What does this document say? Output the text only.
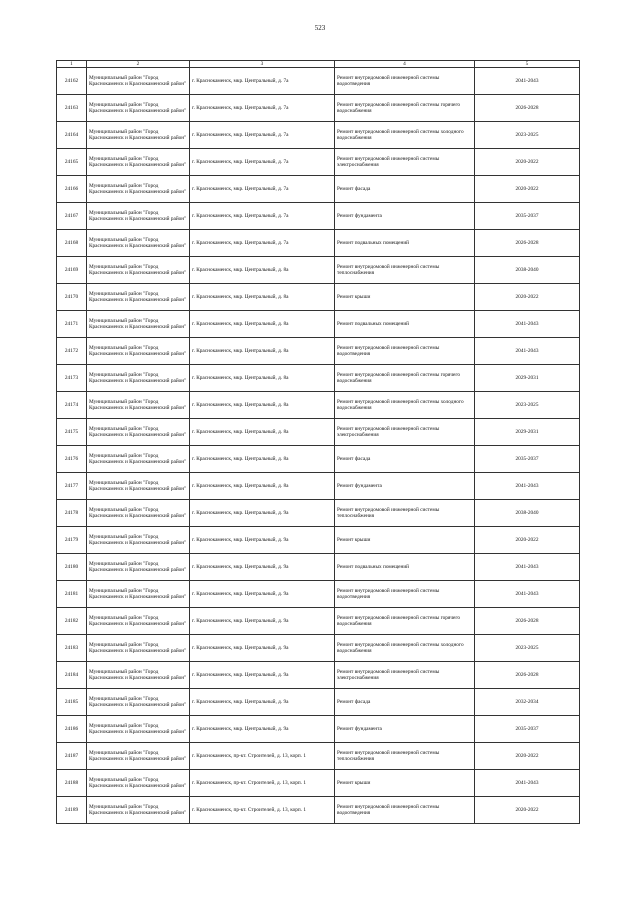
523
1	2	3	4	5
24162	Муниципальный район "Город Краснокаменск и Краснокаменский район"	г. Краснокаменск, мкр. Центральный, д. 7а	Ремонт внутридомовой инженерной системы водоотведения	2041-2043
24163	Муниципальный район "Город Краснокаменск и Краснокаменский район"	г. Краснокаменск, мкр. Центральный, д. 7а	Ремонт внутридомовой инженерной системы горячего водоснабжения	2026-2028
24164	Муниципальный район "Город Краснокаменск и Краснокаменский район"	г. Краснокаменск, мкр. Центральный, д. 7а	Ремонт внутридомовой инженерной системы холодного водоснабжения	2023-2025
24165	Муниципальный район "Город Краснокаменск и Краснокаменский район"	г. Краснокаменск, мкр. Центральный, д. 7а	Ремонт внутридомовой инженерной системы электроснабжения	2020-2022
24166	Муниципальный район "Город Краснокаменск и Краснокаменский район"	г. Краснокаменск, мкр. Центральный, д. 7а	Ремонт фасада	2020-2022
24167	Муниципальный район "Город Краснокаменск и Краснокаменский район"	г. Краснокаменск, мкр. Центральный, д. 7а	Ремонт фундамента	2035-2037
24168	Муниципальный район "Город Краснокаменск и Краснокаменский район"	г. Краснокаменск, мкр. Центральный, д. 7а	Ремонт подвальных помещений	2026-2028
24169	Муниципальный район "Город Краснокаменск и Краснокаменский район"	г. Краснокаменск, мкр. Центральный, д. 8а	Ремонт внутридомовой инженерной системы теплоснабжения	2038-2040
24170	Муниципальный район "Город Краснокаменск и Краснокаменский район"	г. Краснокаменск, мкр. Центральный, д. 8а	Ремонт крыши	2020-2022
24171	Муниципальный район "Город Краснокаменск и Краснокаменский район"	г. Краснокаменск, мкр. Центральный, д. 8а	Ремонт подвальных помещений	2041-2043
24172	Муниципальный район "Город Краснокаменск и Краснокаменский район"	г. Краснокаменск, мкр. Центральный, д. 8а	Ремонт внутридомовой инженерной системы водоотведения	2041-2043
24173	Муниципальный район "Город Краснокаменск и Краснокаменский район"	г. Краснокаменск, мкр. Центральный, д. 8а	Ремонт внутридомовой инженерной системы горячего водоснабжения	2029-2031
24174	Муниципальный район "Город Краснокаменск и Краснокаменский район"	г. Краснокаменск, мкр. Центральный, д. 8а	Ремонт внутридомовой инженерной системы холодного водоснабжения	2023-2025
24175	Муниципальный район "Город Краснокаменск и Краснокаменский район"	г. Краснокаменск, мкр. Центральный, д. 8а	Ремонт внутридомовой инженерной системы электроснабжения	2029-2031
24176	Муниципальный район "Город Краснокаменск и Краснокаменский район"	г. Краснокаменск, мкр. Центральный, д. 8а	Ремонт фасада	2035-2037
24177	Муниципальный район "Город Краснокаменск и Краснокаменский район"	г. Краснокаменск, мкр. Центральный, д. 8а	Ремонт фундамента	2041-2043
24178	Муниципальный район "Город Краснокаменск и Краснокаменский район"	г. Краснокаменск, мкр. Центральный, д. 9а	Ремонт внутридомовой инженерной системы теплоснабжения	2038-2040
24179	Муниципальный район "Город Краснокаменск и Краснокаменский район"	г. Краснокаменск, мкр. Центральный, д. 9а	Ремонт крыши	2020-2022
24180	Муниципальный район "Город Краснокаменск и Краснокаменский район"	г. Краснокаменск, мкр. Центральный, д. 9а	Ремонт подвальных помещений	2041-2043
24181	Муниципальный район "Город Краснокаменск и Краснокаменский район"	г. Краснокаменск, мкр. Центральный, д. 9а	Ремонт внутридомовой инженерной системы водоотведения	2041-2043
24182	Муниципальный район "Город Краснокаменск и Краснокаменский район"	г. Краснокаменск, мкр. Центральный, д. 9а	Ремонт внутридомовой инженерной системы горячего водоснабжения	2026-2028
24183	Муниципальный район "Город Краснокаменск и Краснокаменский район"	г. Краснокаменск, мкр. Центральный, д. 9а	Ремонт внутридомовой инженерной системы холодного водоснабжения	2023-2025
24184	Муниципальный район "Город Краснокаменск и Краснокаменский район"	г. Краснокаменск, мкр. Центральный, д. 9а	Ремонт внутридомовой инженерной системы электроснабжения	2026-2028
24185	Муниципальный район "Город Краснокаменск и Краснокаменский район"	г. Краснокаменск, мкр. Центральный, д. 9а	Ремонт фасада	2032-2034
24186	Муниципальный район "Город Краснокаменск и Краснокаменский район"	г. Краснокаменск, мкр. Центральный, д. 9а	Ремонт фундамента	2035-2037
24187	Муниципальный район "Город Краснокаменск и Краснокаменский район"	г. Краснокаменск, пр-кт. Строителей, д. 13, корп. 1	Ремонт внутридомовой инженерной системы теплоснабжения	2020-2022
24188	Муниципальный район "Город Краснокаменск и Краснокаменский район"	г. Краснокаменск, пр-кт. Строителей, д. 13, корп. 1	Ремонт крыши	2041-2043
24189	Муниципальный район "Город Краснокаменск и Краснокаменский район"	г. Краснокаменск, пр-кт. Строителей, д. 13, корп. 1	Ремонт внутридомовой инженерной системы водоотведения	2020-2022
